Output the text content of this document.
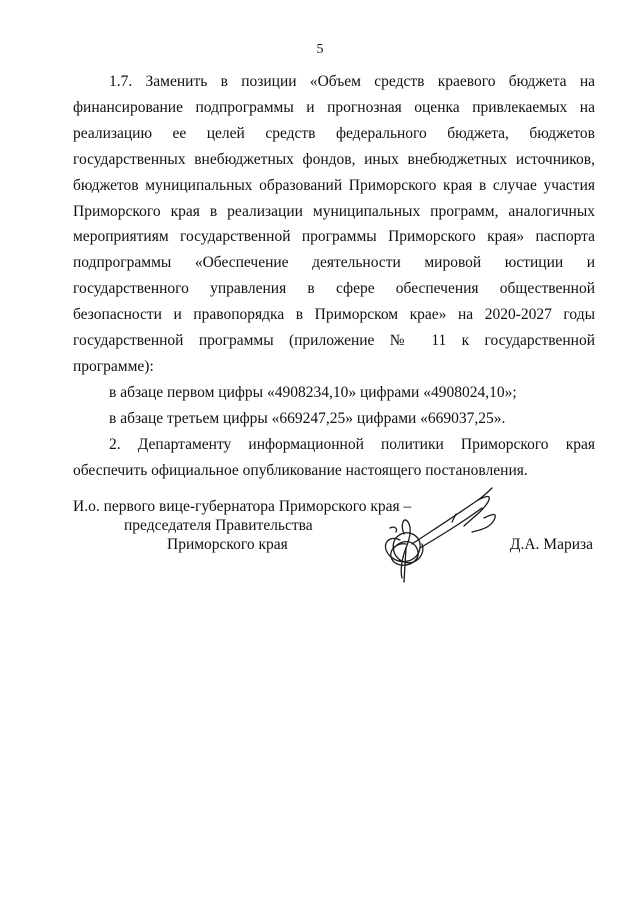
5

1.7. Заменить в позиции «Объем средств краевого бюджета на финансирование подпрограммы и прогнозная оценка привлекаемых на реализацию ее целей средств федерального бюджета, бюджетов государственных внебюджетных фондов, иных внебюджетных источников, бюджетов муниципальных образований Приморского края в случае участия Приморского края в реализации муниципальных программ, аналогичных мероприятиям государственной программы Приморского края» паспорта подпрограммы «Обеспечение деятельности мировой юстиции и государственного управления в сфере обеспечения общественной безопасности и правопорядка в Приморском крае» на 2020-2027 годы государственной программы (приложение № 11 к государственной программе):

в абзаце первом цифры «4908234,10» цифрами «4908024,10»;

в абзаце третьем цифры «669247,25» цифрами «669037,25».

2. Департаменту информационной политики Приморского края обеспечить официальное опубликование настоящего постановления.

И.о. первого вице-губернатора Приморского края –
председателя Правительства
Приморского края	Д.А. Мариза
